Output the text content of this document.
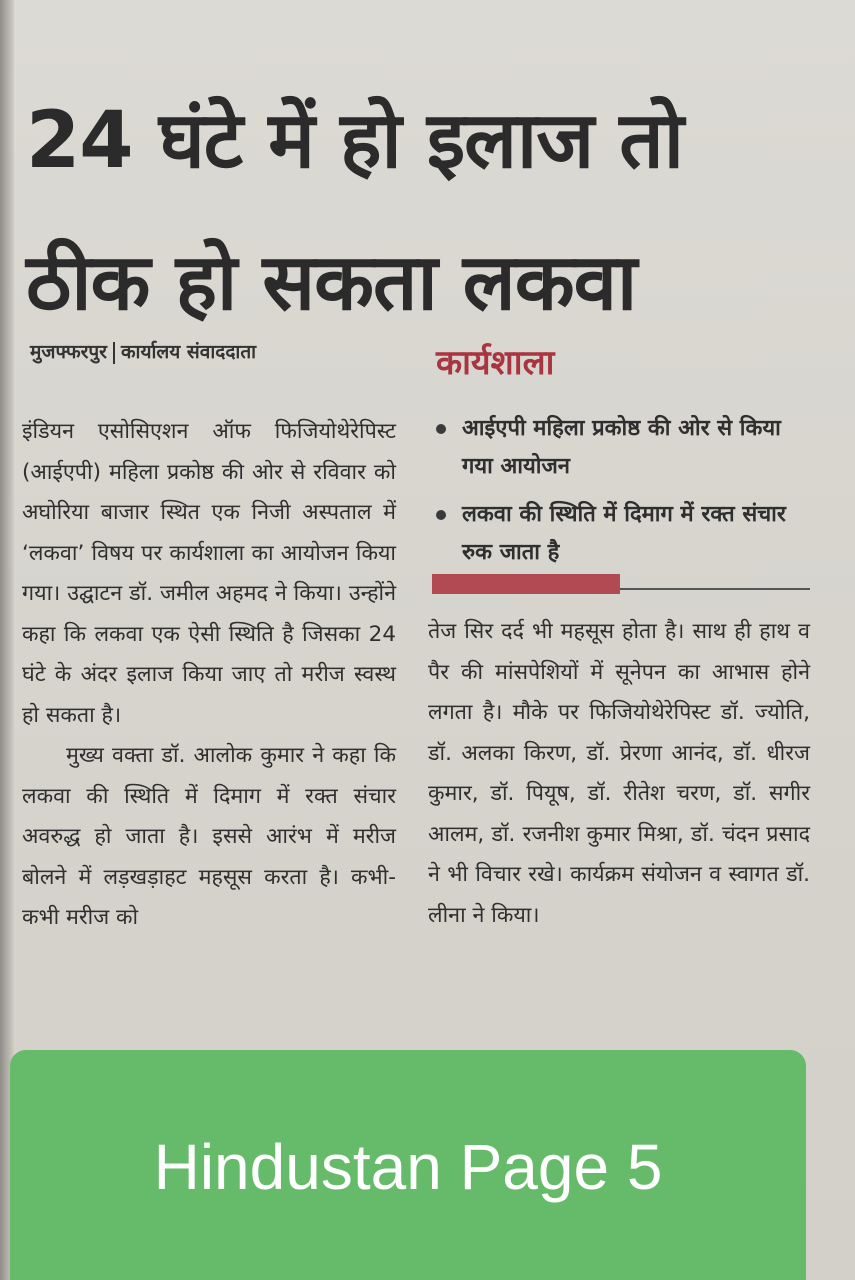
24 घंटे में हो इलाज तो
ठीक हो सकता लकवा
मुजफ्फरपुर कार्यालय संवाददाता	कार्यशाला
आईएपी महिला प्रकोष्ठ की ओर से किया गया आयोजन
लकवा की स्थिति में दिमाग में रक्त संचार रुक जाता है

इंडियन एसोसिएशन ऑफ फिजियोथेरेपिस्ट (आईएपी) महिला प्रकोष्ठ की ओर से रविवार को अघोरिया बाजार स्थित एक निजी अस्पताल में ‘लकवा’ विषय पर कार्यशाला का आयोजन किया गया। उद्घाटन डॉ. जमील अहमद ने किया। उन्होंने कहा कि लकवा एक ऐसी स्थिति है जिसका 24 घंटे के अंदर इलाज किया जाए तो मरीज स्वस्थ हो सकता है।

मुख्य वक्ता डॉ. आलोक कुमार ने कहा कि लकवा की स्थिति में दिमाग में रक्त संचार अवरुद्ध हो जाता है। इससे आरंभ में मरीज बोलने में लड़खड़ाहट महसूस करता है। कभी-कभी मरीज को

तेज सिर दर्द भी महसूस होता है। साथ ही हाथ व पैर की मांसपेशियों में सूनेपन का आभास होने लगता है। मौके पर फिजियोथेरेपिस्ट डॉ. ज्योति, डॉ. अलका किरण, डॉ. प्रेरणा आनंद, डॉ. धीरज कुमार, डॉ. पियूष, डॉ. रीतेश चरण, डॉ. सगीर आलम, डॉ. रजनीश कुमार मिश्रा, डॉ. चंदन प्रसाद ने भी विचार रखे। कार्यक्रम संयोजन व स्वागत डॉ. लीना ने किया।

Hindustan Page 5
